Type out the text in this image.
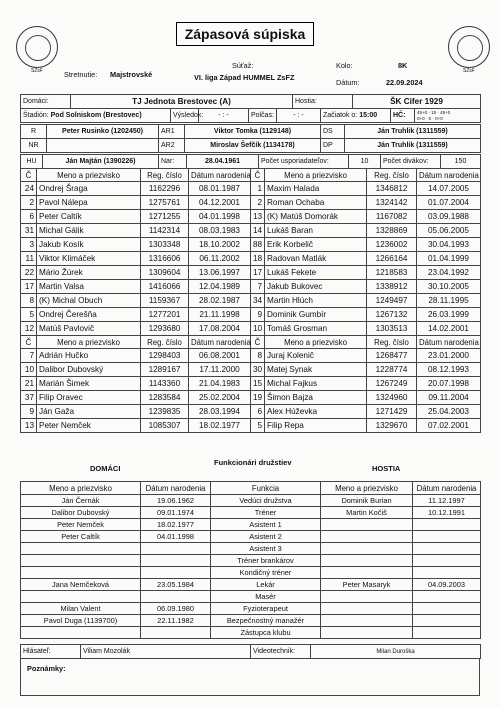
SZsF	SZsF
Zápasová súpiska
Stretnutie: Majstrovské
Súťaž:
VI. liga Západ HUMMEL ZsFZ
Kolo:	8K
Dátum:	22.09.2024
Domáci:	TJ Jednota Brestovec (A)	Hostia:	ŠK Cifer 1929
Štadión: Pod Solniskom (Brestovec)	Výsledok:	- : -	Polčas:	- : -	Začiatok o: 15:00	HČ:	45+0 · 15 · 45+0
0+0 · 0 · 0+0
R	Peter Rusinko (1202450)	AR1	Viktor Tomka (1129148)	DS	Ján Truhlik (1311559)
NR		AR2	Miroslav Šefčík (1134178)	DP	Ján Truhlik (1311559)
HU	Ján Majtán (1390226)	Nar:	28.04.1961	Počet usporiadateľov:	10	Počet divákov:	150
Č	Meno a priezvisko	Reg. číslo	Dátum narodenia	Č	Meno a priezvisko	Reg. číslo	Dátum narodenia
24	Ondrej Šraga	1162296	08.01.1987	1	Maxim Halada	1346812	14.07.2005
2	Pavol Nálepa	1275761	04.12.2001	2	Roman Ochaba	1324142	01.07.2004
6	Peter Caltík	1271255	04.01.1998	13	(K) Matúš Domorák	1167082	03.09.1988
31	Michal Gálik	1142314	08.03.1983	14	Lukáš Baran	1328869	05.06.2005
3	Jakub Kosík	1303348	18.10.2002	88	Erik Korbelič	1236002	30.04.1993
11	Viktor Klimáček	1316606	06.11.2002	18	Radovan Matlák	1266164	01.04.1999
22	Mário Žúrek	1309604	13.06.1997	17	Lukáš Fekete	1218583	23.04.1992
17	Martin Valsa	1416066	12.04.1989	7	Jakub Bukovec	1338912	30.10.2005
8	(K) Michal Obuch	1159367	28.02.1987	34	Martin Hlúch	1249497	28.11.1995
5	Ondrej Čerešňa	1277201	21.11.1998	9	Dominik Gumbír	1267132	26.03.1999
12	Matúš Pavlovič	1293680	17.08.2004	10	Tomáš Grosman	1303513	14.02.2001
Č	Meno a priezvisko	Reg. číslo	Dátum narodenia	Č	Meno a priezvisko	Reg. číslo	Dátum narodenia
7	Adrián Hučko	1298403	06.08.2001	8	Juraj Kolenič	1268477	23.01.2000
10	Dalibor Dubovský	1289167	17.11.2000	30	Matej Synak	1228774	08.12.1993
21	Marián Šimek	1143360	21.04.1983	15	Michal Fajkus	1267249	20.07.1998
37	Filip Oravec	1283584	25.02.2004	19	Šimon Bajza	1324960	09.11.2004
9	Ján Gaža	1239835	28.03.1994	6	Alex Húževka	1271429	25.04.2003
13	Peter Nemček	1085307	18.02.1977	5	Filip Repa	1329670	07.02.2001
DOMÁCI
Funkcionári družstiev
HOSTIA
Meno a priezvisko	Dátum narodenia	Funkcia	Meno a priezvisko	Dátum narodenia
Ján Černák	19.06.1962	Vedúci družstva	Dominik Burian	11.12.1997
Dalibor Dubovský	09.01.1974	Tréner	Martin Kočiš	10.12.1991
Peter Nemček	18.02.1977	Asistent 1		
Peter Caltík	04.01.1998	Asistent 2		
		Asistent 3		
		Tréner brankárov		
		Kondičný tréner		
Jana Nemčeková	23.05.1984	Lekár	Peter Masaryk	04.09.2003
		Masér		
Milan Valent	06.09.1980	Fyzioterapeut		
Pavol Duga (1139700)	22.11.1982	Bezpečnostný manažér		
		Zástupca klubu		
Hlásateľ:	Viliam Mozolák	Videotechnik:	Milan Duroška
Poznámky:
